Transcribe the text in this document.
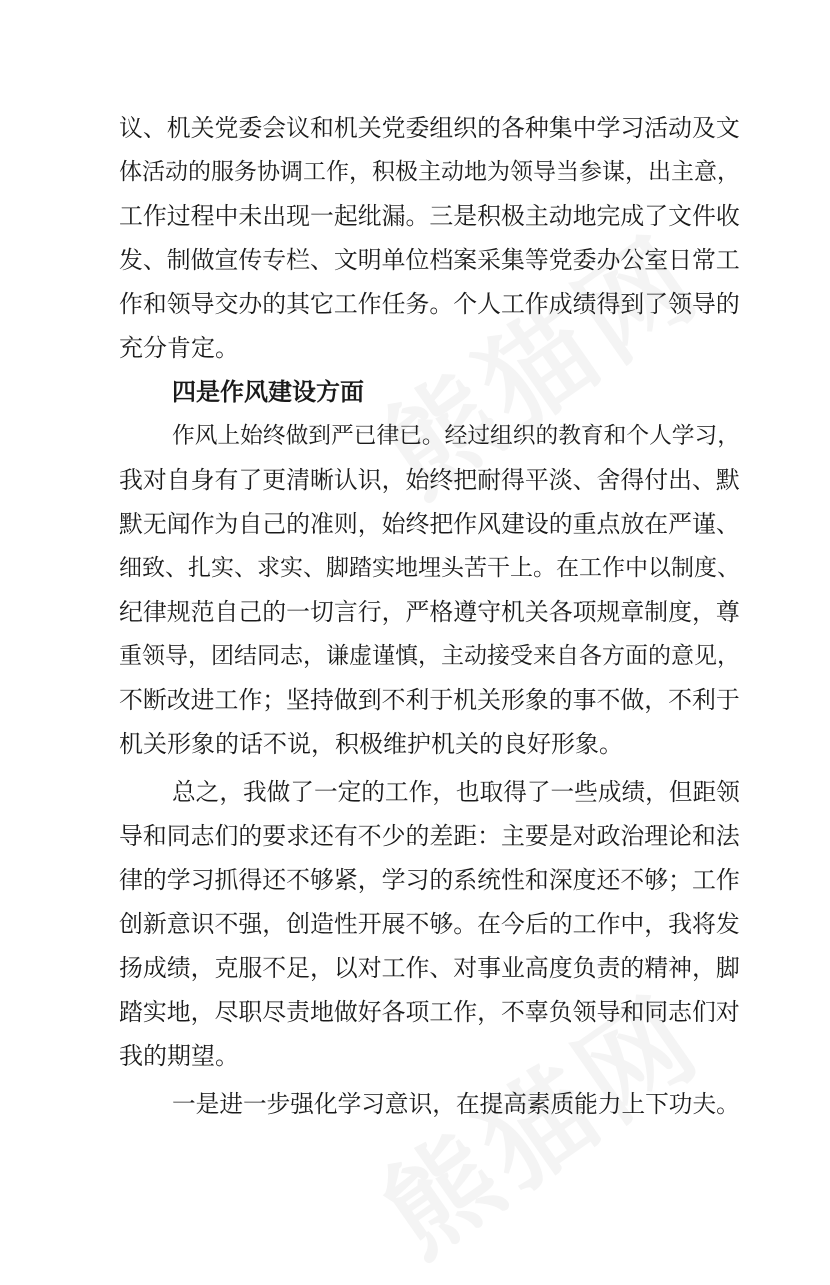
议、机关党委会议和机关党委组织的各种集中学习活动及文

体活动的服务协调工作，积极主动地为领导当参谋，出主意，

工作过程中未出现一起纰漏。三是积极主动地完成了文件收

发、制做宣传专栏、文明单位档案采集等党委办公室日常工

作和领导交办的其它工作任务。个人工作成绩得到了领导的

充分肯定。

四是作风建设方面

作风上始终做到严已律已。经过组织的教育和个人学习，

我对自身有了更清晰认识，始终把耐得平淡、舍得付出、默

默无闻作为自己的准则，始终把作风建设的重点放在严谨、

细致、扎实、求实、脚踏实地埋头苦干上。在工作中以制度、

纪律规范自己的一切言行，严格遵守机关各项规章制度，尊

重领导，团结同志，谦虚谨慎，主动接受来自各方面的意见，

不断改进工作；坚持做到不利于机关形象的事不做，不利于

机关形象的话不说，积极维护机关的良好形象。

总之，我做了一定的工作，也取得了一些成绩，但距领

导和同志们的要求还有不少的差距：主要是对政治理论和法

律的学习抓得还不够紧，学习的系统性和深度还不够；工作

创新意识不强，创造性开展不够。在今后的工作中，我将发

扬成绩，克服不足，以对工作、对事业高度负责的精神，脚

踏实地，尽职尽责地做好各项工作，不辜负领导和同志们对

我的期望。

一是进一步强化学习意识，在提高素质能力上下功夫。
